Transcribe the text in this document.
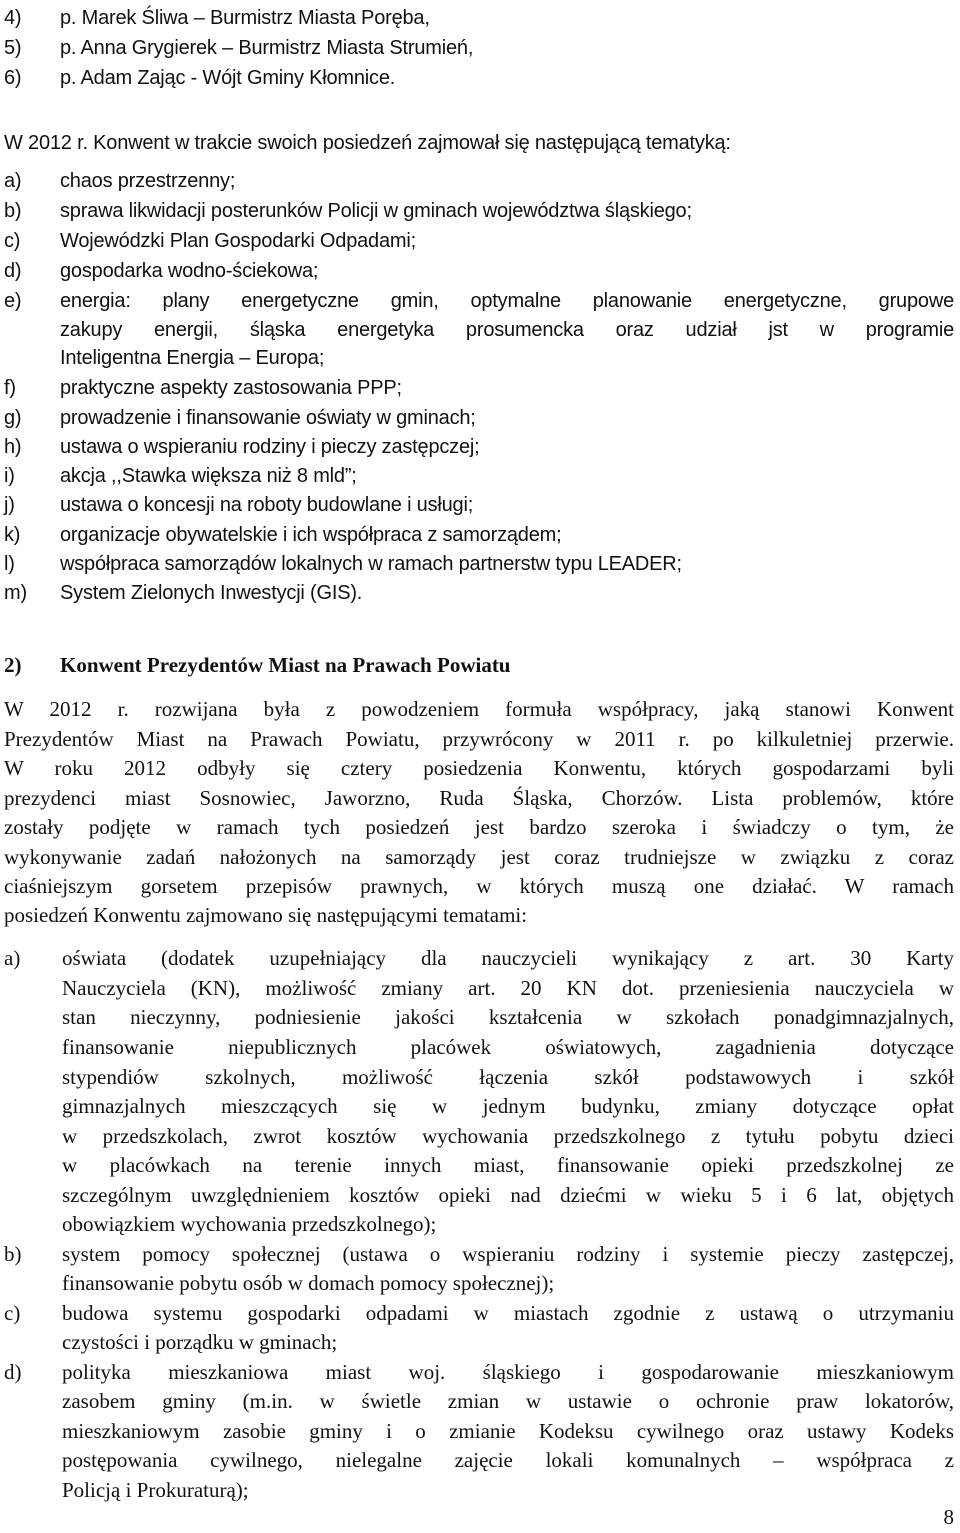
4) p. Marek Śliwa – Burmistrz Miasta Poręba,
5) p. Anna Grygierek – Burmistrz Miasta Strumień,
6) p. Adam Zając - Wójt Gminy Kłomnice.
W 2012 r. Konwent w trakcie swoich posiedzeń zajmował się następującą tematyką:
a) chaos przestrzenny;
b) sprawa likwidacji posterunków Policji w gminach województwa śląskiego;
c) Wojewódzki Plan Gospodarki Odpadami;
d) gospodarka wodno-ściekowa;
e) energia: plany energetyczne gmin, optymalne planowanie energetyczne, grupowe
zakupy energii, śląska energetyka prosumencka oraz udział jst w programie
Inteligentna Energia – Europa;
f) praktyczne aspekty zastosowania PPP;
g) prowadzenie i finansowanie oświaty w gminach;
h) ustawa o wspieraniu rodziny i pieczy zastępczej;
i) akcja ,,Stawka większa niż 8 mld”;
j) ustawa o koncesji na roboty budowlane i usługi;
k) organizacje obywatelskie i ich współpraca z samorządem;
l) współpraca samorządów lokalnych w ramach partnerstw typu LEADER;
m) System Zielonych Inwestycji (GIS).
2) Konwent Prezydentów Miast na Prawach Powiatu
W 2012 r. rozwijana była z powodzeniem formuła współpracy, jaką stanowi Konwent
Prezydentów Miast na Prawach Powiatu, przywrócony w 2011 r. po kilkuletniej przerwie.
W roku 2012 odbyły się cztery posiedzenia Konwentu, których gospodarzami byli
prezydenci miast Sosnowiec, Jaworzno, Ruda Śląska, Chorzów. Lista problemów, które
zostały podjęte w ramach tych posiedzeń jest bardzo szeroka i świadczy o tym, że
wykonywanie zadań nałożonych na samorządy jest coraz trudniejsze w związku z coraz
ciaśniejszym gorsetem przepisów prawnych, w których muszą one działać. W ramach
posiedzeń Konwentu zajmowano się następującymi tematami:
a) oświata (dodatek uzupełniający dla nauczycieli wynikający z art. 30 Karty
Nauczyciela (KN), możliwość zmiany art. 20 KN dot. przeniesienia nauczyciela w
stan nieczynny, podniesienie jakości kształcenia w szkołach ponadgimnazjalnych,
finansowanie niepublicznych placówek oświatowych, zagadnienia dotyczące
stypendiów szkolnych, możliwość łączenia szkół podstawowych i szkół
gimnazjalnych mieszczących się w jednym budynku, zmiany dotyczące opłat
w przedszkolach, zwrot kosztów wychowania przedszkolnego z tytułu pobytu dzieci
w placówkach na terenie innych miast, finansowanie opieki przedszkolnej ze
szczególnym uwzględnieniem kosztów opieki nad dziećmi w wieku 5 i 6 lat, objętych
obowiązkiem wychowania przedszkolnego);
b) system pomocy społecznej (ustawa o wspieraniu rodziny i systemie pieczy zastępczej,
finansowanie pobytu osób w domach pomocy społecznej);
c) budowa systemu gospodarki odpadami w miastach zgodnie z ustawą o utrzymaniu
czystości i porządku w gminach;
d) polityka mieszkaniowa miast woj. śląskiego i gospodarowanie mieszkaniowym
zasobem gminy (m.in. w świetle zmian w ustawie o ochronie praw lokatorów,
mieszkaniowym zasobie gminy i o zmianie Kodeksu cywilnego oraz ustawy Kodeks
postępowania cywilnego, nielegalne zajęcie lokali komunalnych – współpraca z
Policją i Prokuraturą);
8
